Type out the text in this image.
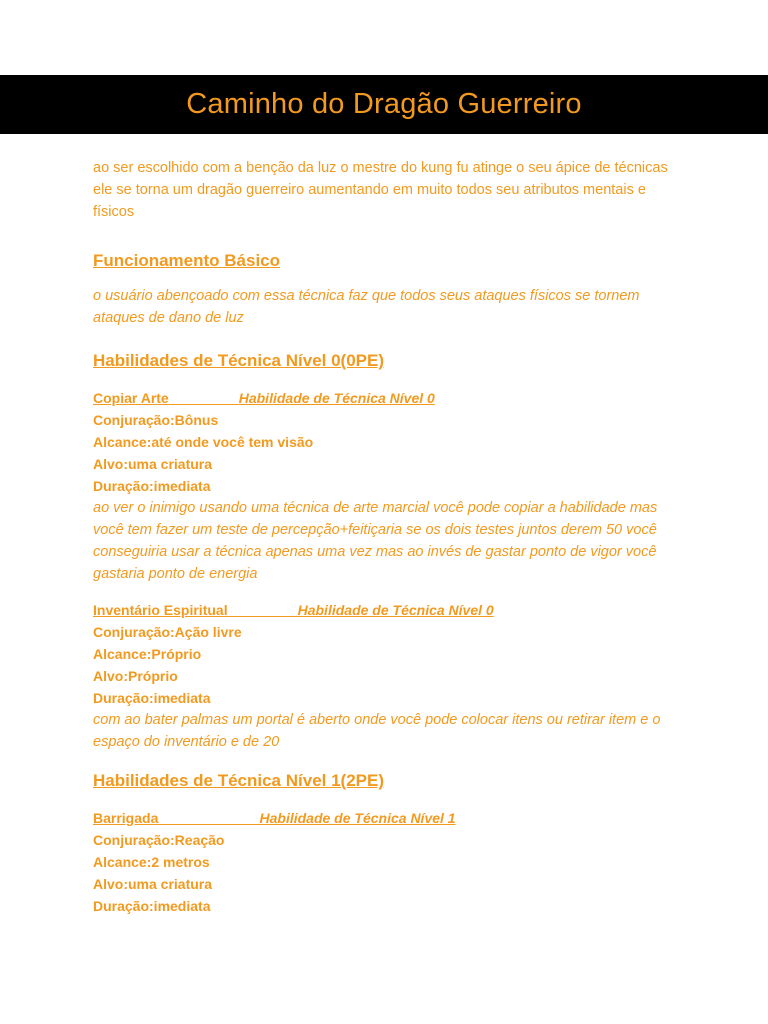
Caminho do Dragão Guerreiro

ao ser escolhido com a benção da luz o mestre do kung fu atinge o seu ápice de técnicas ele se torna um dragão guerreiro aumentando em muito todos seu atributos mentais e físicos

Funcionamento Básico

o usuário abençoado com essa técnica faz que todos seus ataques físicos se tornem ataques de dano de luz

Habilidades de Técnica Nível 0(0PE)

Copiar Arte	Habilidade de Técnica Nível 0

Conjuração:Bônus

Alcance:até onde você tem visão

Alvo:uma criatura

Duração:imediata

ao ver o inimigo usando uma técnica de arte marcial você pode copiar a habilidade mas você tem fazer um teste de percepção+feitiçaria se os dois testes juntos derem 50 você conseguiria usar a técnica apenas uma vez mas ao invés de gastar ponto de vigor você gastaria ponto de energia

Inventário Espiritual	Habilidade de Técnica Nível 0

Conjuração:Ação livre

Alcance:Próprio

Alvo:Próprio

Duração:imediata

com ao bater palmas um portal é aberto onde você pode colocar itens ou retirar item e o espaço do inventário e de 20

Habilidades de Técnica Nível 1(2PE)

Barrigada	Habilidade de Técnica Nível 1

Conjuração:Reação

Alcance:2 metros

Alvo:uma criatura

Duração:imediata
